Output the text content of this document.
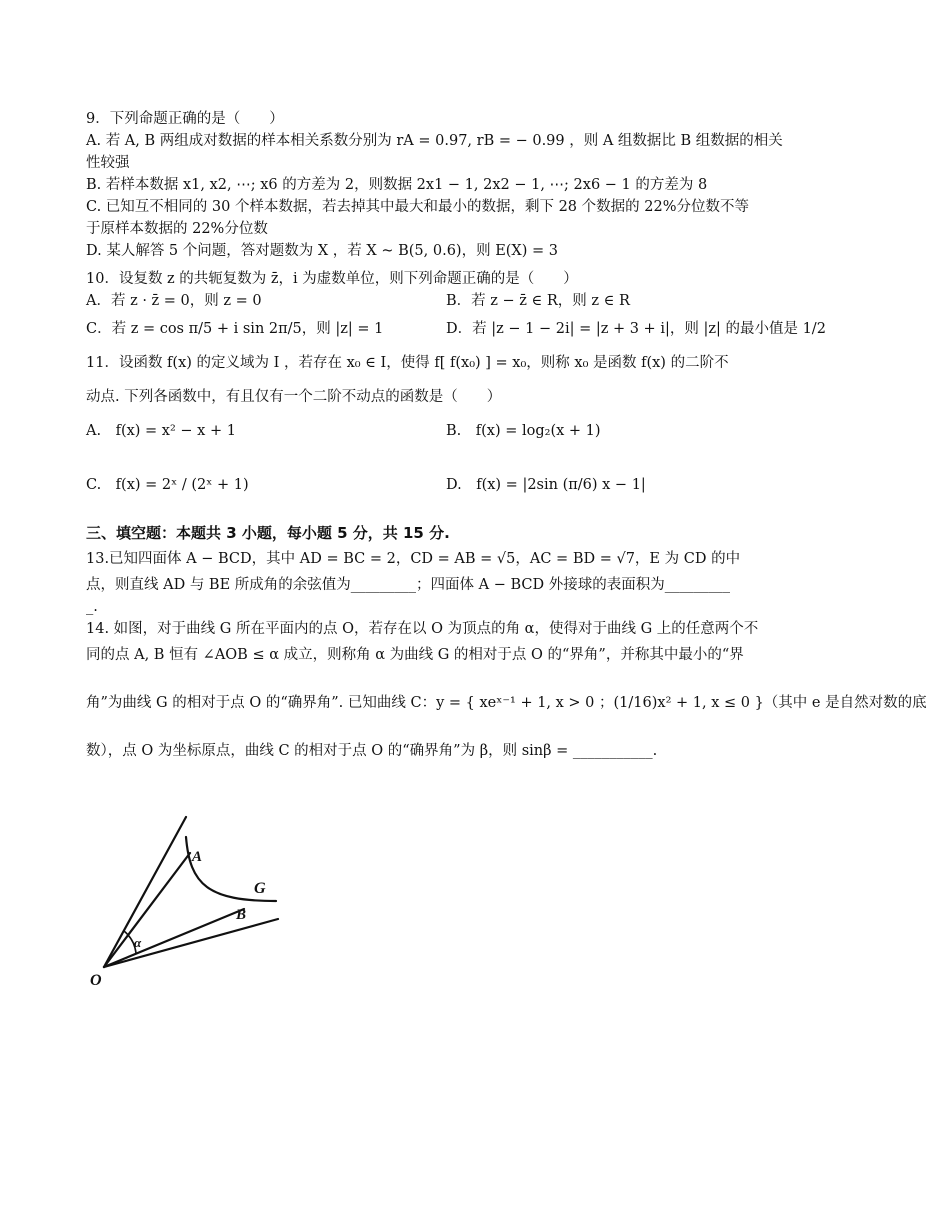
9．下列命题正确的是（　　）
A. 若 A, B 两组成对数据的样本相关系数分别为 rA = 0.97, rB = − 0.99 ，则 A 组数据比 B 组数据的相关
性较强
B. 若样本数据 x1, x2, ⋯; x6 的方差为 2，则数据 2x1 − 1, 2x2 − 1, ⋯; 2x6 − 1 的方差为 8
C. 已知互不相同的 30 个样本数据，若去掉其中最大和最小的数据，剩下 28 个数据的 22%分位数不等
于原样本数据的 22%分位数
D. 某人解答 5 个问题，答对题数为 X ，若 X ~ B(5, 0.6)，则 E(X) = 3
10．设复数 z 的共轭复数为 z̄，i 为虚数单位，则下列命题正确的是（　　）
A．若 z · z̄ = 0，则 z = 0	B．若 z − z̄ ∈ R，则 z ∈ R
C．若 z = cos π/5 + i sin 2π/5，则 |z| = 1	D．若 |z − 1 − 2i| = |z + 3 + i|，则 |z| 的最小值是 1/2
11．设函数 f(x) 的定义域为 I ，若存在 x₀ ∈ I，使得 f[ f(x₀) ] = x₀，则称 x₀ 是函数 f(x) 的二阶不
动点. 下列各函数中，有且仅有一个二阶不动点的函数是（　　）
A.　f(x) = x² − x + 1	B.　f(x) = log₂(x + 1)
C.　f(x) = 2ˣ / (2ˣ + 1)	D.　f(x) = |2sin (π/6) x − 1|
三、填空题：本题共 3 小题，每小题 5 分，共 15 分.
13.已知四面体 A − BCD，其中 AD = BC = 2，CD = AB = √5，AC = BD = √7，E 为 CD 的中
点，则直线 AD 与 BE 所成角的余弦值为_________；四面体 A − BCD 外接球的表面积为_________
_.
14. 如图，对于曲线 G 所在平面内的点 O，若存在以 O 为顶点的角 α，使得对于曲线 G 上的任意两个不
同的点 A, B 恒有 ∠AOB ≤ α 成立，则称角 α 为曲线 G 的相对于点 O 的“界角”，并称其中最小的“界
角”为曲线 G 的相对于点 O 的“确界角”. 已知曲线 C：y = { xeˣ⁻¹ + 1, x > 0 ；(1/16)x² + 1, x ≤ 0 }（其中 e 是自然对数的底
数），点 O 为坐标原点，曲线 C 的相对于点 O 的“确界角”为 β，则 sinβ = ___________.
A
B
G
O
α
